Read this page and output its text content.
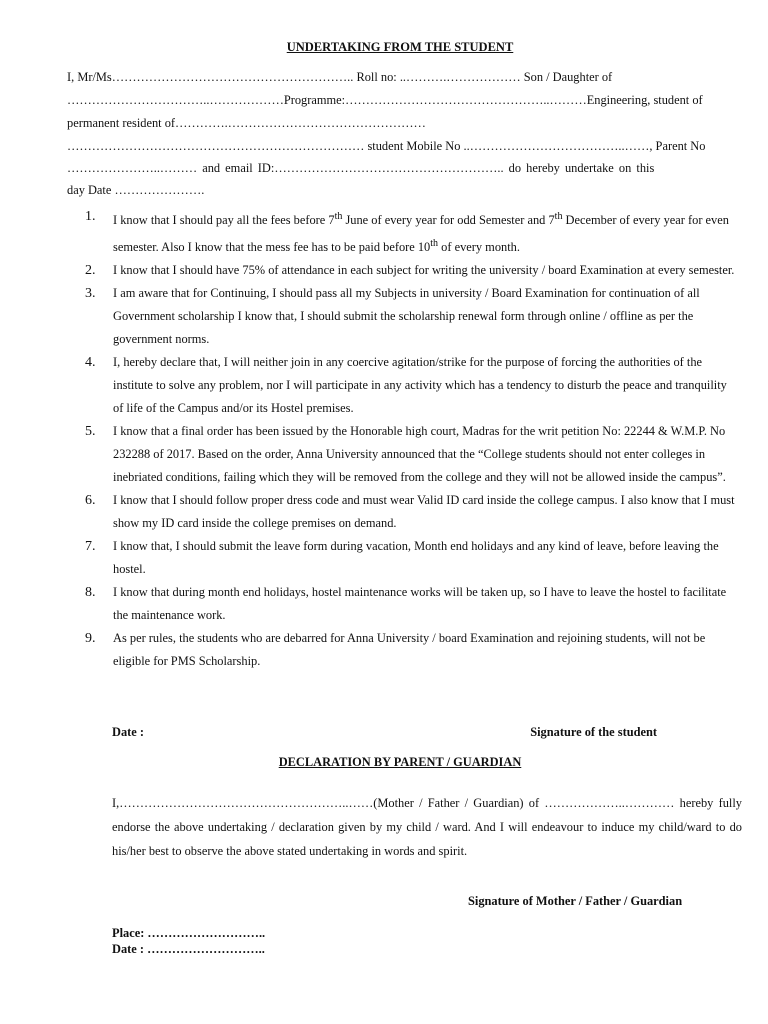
UNDERTAKING FROM THE STUDENT
I, Mr/Ms………………………………………………….. Roll no: ..……….……………… Son / Daughter of
……………………………..………………Programme:…………………………………………..………Engineering, student of
permanent resident of………….…………………………………………
……………………………………………………………… student Mobile No ..………………………………..……, Parent No
…………………..……… and email ID:……………………………………………….. do hereby undertake on this
day Date ………………….

1. I know that I should pay all the fees before 7th June of every year for odd Semester and 7th December of every year for even semester. Also I know that the mess fee has to be paid before 10th of every month.

2. I know that I should have 75% of attendance in each subject for writing the university / board Examination at every semester.

3. I am aware that for Continuing, I should pass all my Subjects in university / Board Examination for continuation of all Government scholarship I know that, I should submit the scholarship renewal form through online / offline as per the government norms.

4. I, hereby declare that, I will neither join in any coercive agitation/strike for the purpose of forcing the authorities of the institute to solve any problem, nor I will participate in any activity which has a tendency to disturb the peace and tranquility of life of the Campus and/or its Hostel premises.

5. I know that a final order has been issued by the Honorable high court, Madras for the writ petition No: 22244 & W.M.P. No 232288 of 2017. Based on the order, Anna University announced that the “College students should not enter colleges in inebriated conditions, failing which they will be removed from the college and they will not be allowed inside the campus”.

6. I know that I should follow proper dress code and must wear Valid ID card inside the college campus. I also know that I must show my ID card inside the college premises on demand.

7. I know that, I should submit the leave form during vacation, Month end holidays and any kind of leave, before leaving the hostel.

8. I know that during month end holidays, hostel maintenance works will be taken up, so I have to leave the hostel to facilitate the maintenance work.

9. As per rules, the students who are debarred for Anna University / board Examination and rejoining students, will not be eligible for PMS Scholarship.

Date :	Signature of the student
DECLARATION BY PARENT / GUARDIAN
I,………………………………………………..……(Mother / Father / Guardian) of ………………..………… hereby fully endorse the above undertaking / declaration given by my child / ward. And I will endeavour to induce my child/ward to do his/her best to observe the above stated undertaking in words and spirit.
Signature of Mother / Father / Guardian
Place: ………………………..
Date : ………………………..
